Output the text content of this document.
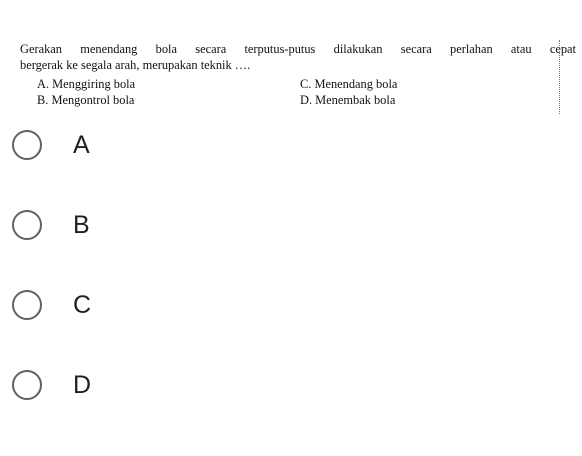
Gerakan menendang bola secara terputus-putus dilakukan secara perlahan atau cepat
bergerak ke segala arah, merupakan teknik ….
A. Menggiring bola	C. Menendang bola
B. Mengontrol bola	D. Menembak bola
A
B
C
D
